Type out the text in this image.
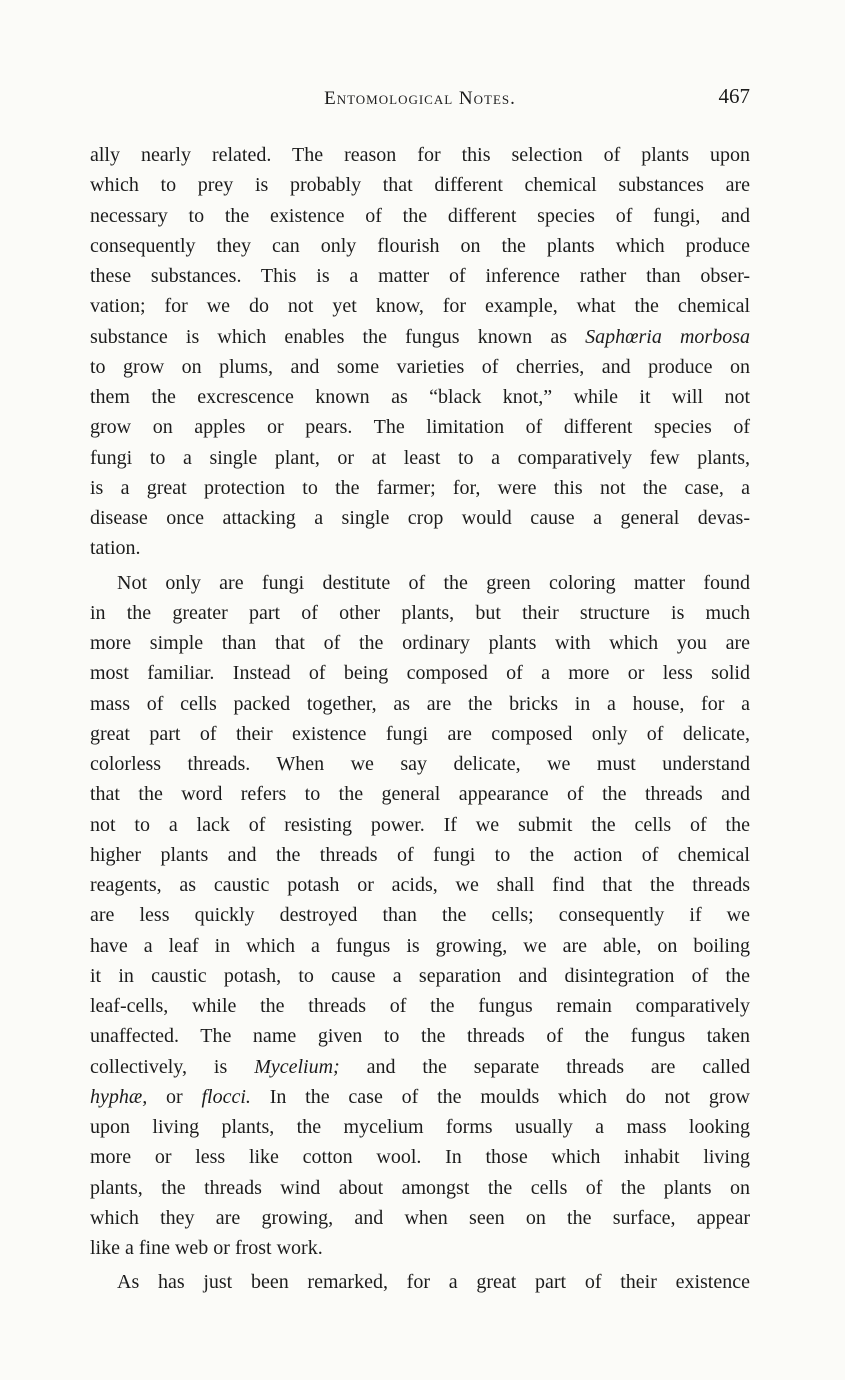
Entomological Notes.	467
ally nearly related. The reason for this selection of plants upon
which to prey is probably that different chemical substances are
necessary to the existence of the different species of fungi, and
consequently they can only flourish on the plants which produce
these substances. This is a matter of inference rather than obser-
vation; for we do not yet know, for example, what the chemical
substance is which enables the fungus known as Saphœria morbosa
to grow on plums, and some varieties of cherries, and produce on
them the excrescence known as “black knot,” while it will not
grow on apples or pears. The limitation of different species of
fungi to a single plant, or at least to a comparatively few plants,
is a great protection to the farmer; for, were this not the case, a
disease once attacking a single crop would cause a general devas-
tation.
Not only are fungi destitute of the green coloring matter found
in the greater part of other plants, but their structure is much
more simple than that of the ordinary plants with which you are
most familiar. Instead of being composed of a more or less solid
mass of cells packed together, as are the bricks in a house, for a
great part of their existence fungi are composed only of delicate,
colorless threads. When we say delicate, we must understand
that the word refers to the general appearance of the threads and
not to a lack of resisting power. If we submit the cells of the
higher plants and the threads of fungi to the action of chemical
reagents, as caustic potash or acids, we shall find that the threads
are less quickly destroyed than the cells; consequently if we
have a leaf in which a fungus is growing, we are able, on boiling
it in caustic potash, to cause a separation and disintegration of the
leaf-cells, while the threads of the fungus remain comparatively
unaffected. The name given to the threads of the fungus taken
collectively, is Mycelium; and the separate threads are called
hyphæ, or flocci. In the case of the moulds which do not grow
upon living plants, the mycelium forms usually a mass looking
more or less like cotton wool. In those which inhabit living
plants, the threads wind about amongst the cells of the plants on
which they are growing, and when seen on the surface, appear
like a fine web or frost work.
As has just been remarked, for a great part of their existence
